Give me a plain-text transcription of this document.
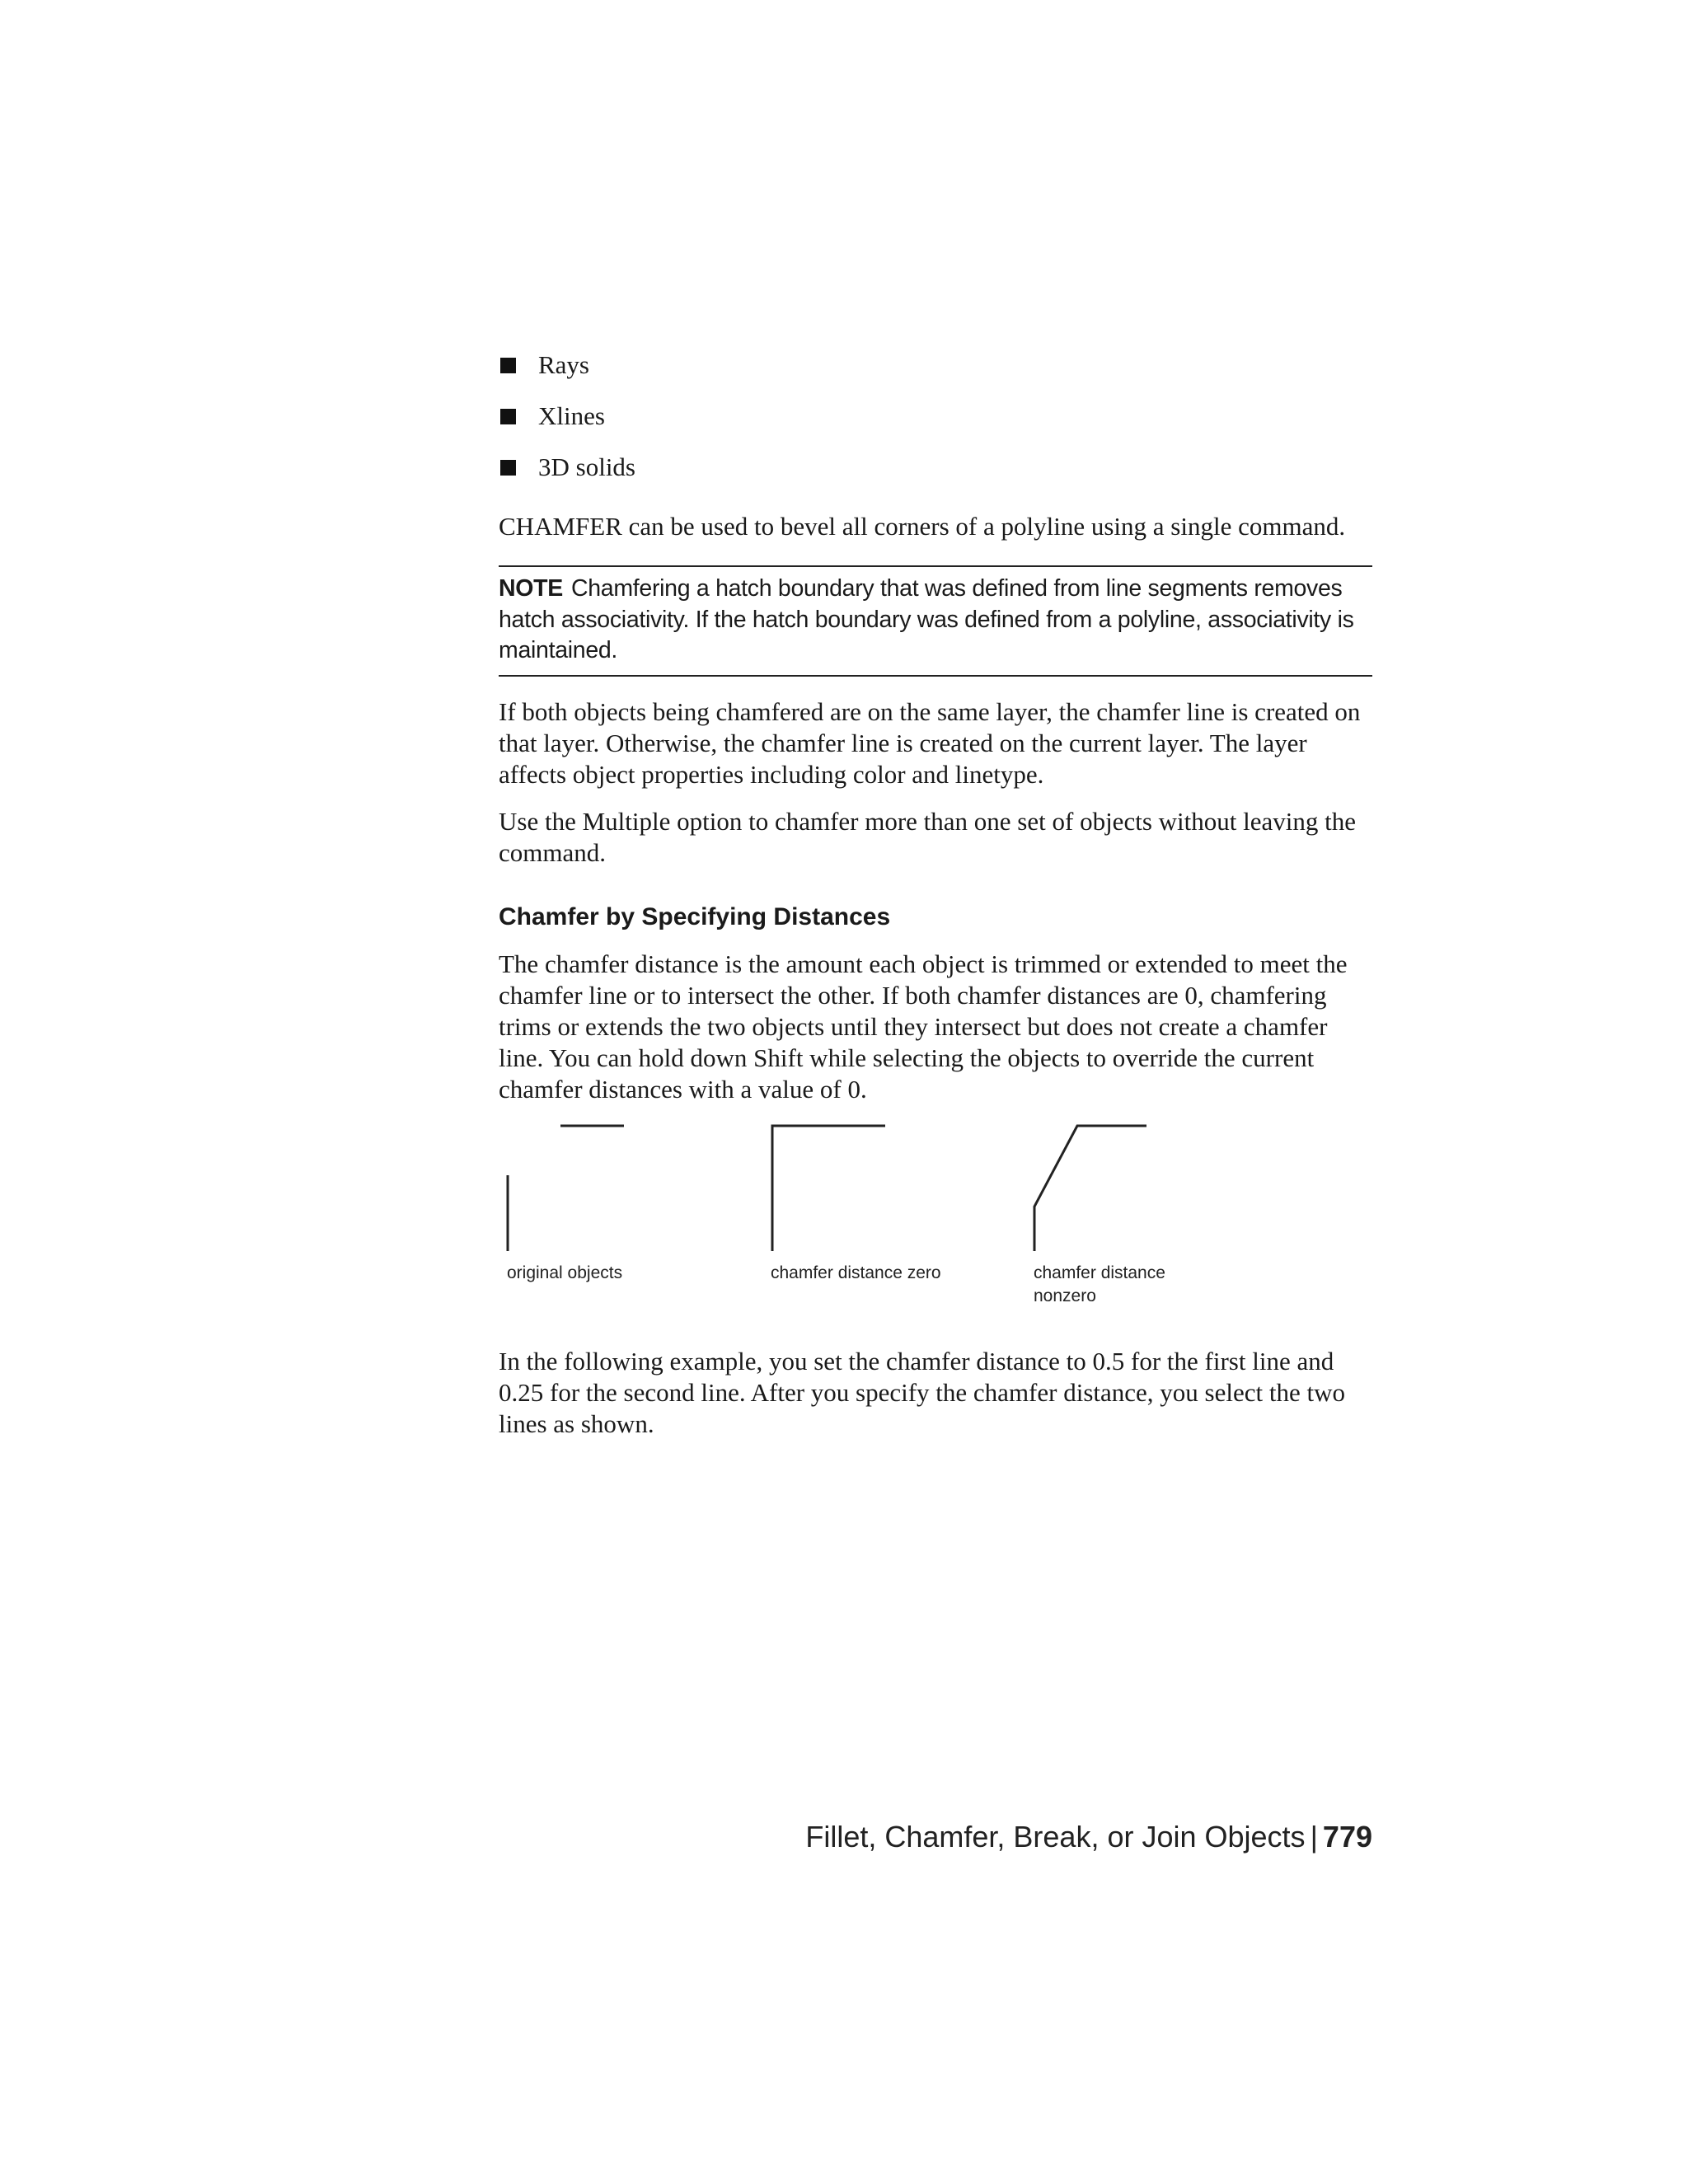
Rays
Xlines
3D solids

CHAMFER can be used to bevel all corners of a polyline using a single command.

NOTE Chamfering a hatch boundary that was defined from line segments removes hatch associativity. If the hatch boundary was defined from a polyline, associativity is maintained.

If both objects being chamfered are on the same layer, the chamfer line is created on that layer. Otherwise, the chamfer line is created on the current layer. The layer affects object properties including color and linetype.

Use the Multiple option to chamfer more than one set of objects without leaving the command.

Chamfer by Specifying Distances

The chamfer distance is the amount each object is trimmed or extended to meet the chamfer line or to intersect the other. If both chamfer distances are 0, chamfering trims or extends the two objects until they intersect but does not create a chamfer line. You can hold down Shift while selecting the objects to override the current chamfer distances with a value of 0.

original objects	chamfer distance zero	chamfer distance
nonzero

In the following example, you set the chamfer distance to 0.5 for the first line and 0.25 for the second line. After you specify the chamfer distance, you select the two lines as shown.

Fillet, Chamfer, Break, or Join Objects | 779
